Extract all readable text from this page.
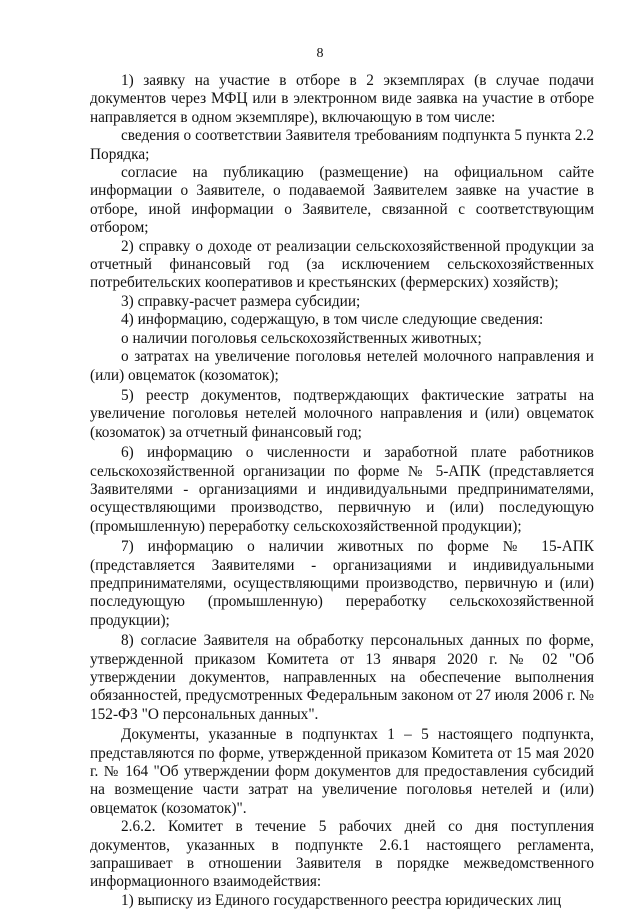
8

1) заявку на участие в отборе в 2 экземплярах (в случае подачи документов через МФЦ или в электронном виде заявка на участие в отборе направляется в одном экземпляре), включающую в том числе:

сведения о соответствии Заявителя требованиям подпункта 5 пункта 2.2 Порядка;

согласие на публикацию (размещение) на официальном сайте информации о Заявителе, о подаваемой Заявителем заявке на участие в отборе, иной информации о Заявителе, связанной с соответствующим отбором;

2) справку о доходе от реализации сельскохозяйственной продукции за отчетный финансовый год (за исключением сельскохозяйственных потребительских кооперативов и крестьянских (фермерских) хозяйств);

3) справку-расчет размера субсидии;

4) информацию, содержащую, в том числе следующие сведения:

о наличии поголовья сельскохозяйственных животных;

о затратах на увеличение поголовья нетелей молочного направления и (или) овцематок (козоматок);

5) реестр документов, подтверждающих фактические затраты на увеличение поголовья нетелей молочного направления и (или) овцематок (козоматок) за отчетный финансовый год;

6) информацию о численности и заработной плате работников сельскохозяйственной организации по форме № 5-АПК (представляется Заявителями - организациями и индивидуальными предпринимателями, осуществляющими производство, первичную и (или) последующую (промышленную) переработку сельскохозяйственной продукции);

7) информацию о наличии животных по форме № 15-АПК (представляется Заявителями - организациями и индивидуальными предпринимателями, осуществляющими производство, первичную и (или) последующую (промышленную) переработку сельскохозяйственной продукции);

8) согласие Заявителя на обработку персональных данных по форме, утвержденной приказом Комитета от 13 января 2020 г. № 02 "Об утверждении документов, направленных на обеспечение выполнения обязанностей, предусмотренных Федеральным законом от 27 июля 2006 г. № 152-ФЗ "О персональных данных".

Документы, указанные в подпунктах 1 – 5 настоящего подпункта, представляются по форме, утвержденной приказом Комитета от 15 мая 2020 г. № 164 "Об утверждении форм документов для предоставления субсидий на возмещение части затрат на увеличение поголовья нетелей и (или) овцематок (козоматок)".

2.6.2. Комитет в течение 5 рабочих дней со дня поступления документов, указанных в подпункте 2.6.1 настоящего регламента, запрашивает в отношении Заявителя в порядке межведомственного информационного взаимодействия:

1) выписку из Единого государственного реестра юридических лиц
